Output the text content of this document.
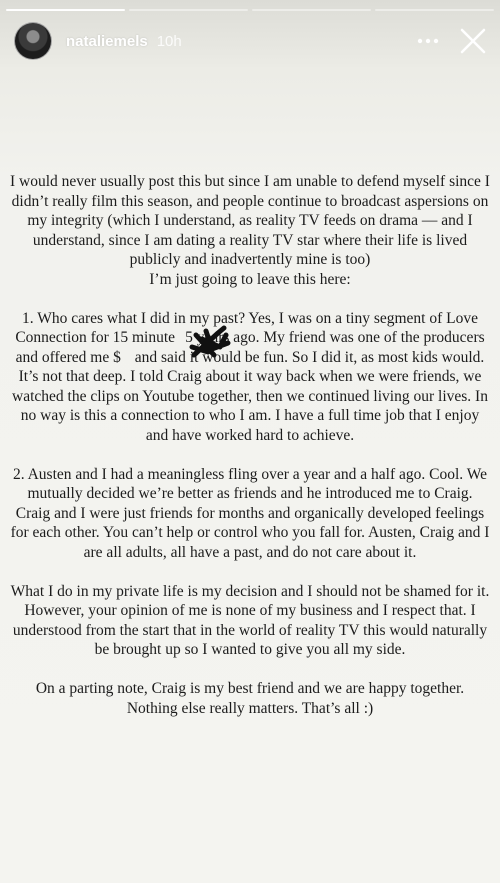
nataliemels 10h

I would never usually post this but since I am unable to defend myself since I didn’t really film this season, and people continue to broadcast aspersions on my integrity (which I understand, as reality TV feeds on drama — and I understand, since I am dating a reality TV star where their life is lived publicly and inadvertently mine is too)
I’m just going to leave this here:

1. Who cares what I did in my past? Yes, I was on a tiny segment of Love Connection for 15 minute 5 years ago. My friend was one of the producers and offered me $ and said it would be fun. So I did it, as most kids would. It’s not that deep. I told Craig about it way back when we were friends, we watched the clips on Youtube together, then we continued living our lives. In no way is this a connection to who I am. I have a full time job that I enjoy and have worked hard to achieve.

2. Austen and I had a meaningless fling over a year and a half ago. Cool. We mutually decided we’re better as friends and he introduced me to Craig. Craig and I were just friends for months and organically developed feelings for each other. You can’t help or control who you fall for. Austen, Craig and I are all adults, all have a past, and do not care about it.

What I do in my private life is my decision and I should not be shamed for it. However, your opinion of me is none of my business and I respect that. I understood from the start that in the world of reality TV this would naturally be brought up so I wanted to give you all my side.

On a parting note, Craig is my best friend and we are happy together. Nothing else really matters. That’s all :)
